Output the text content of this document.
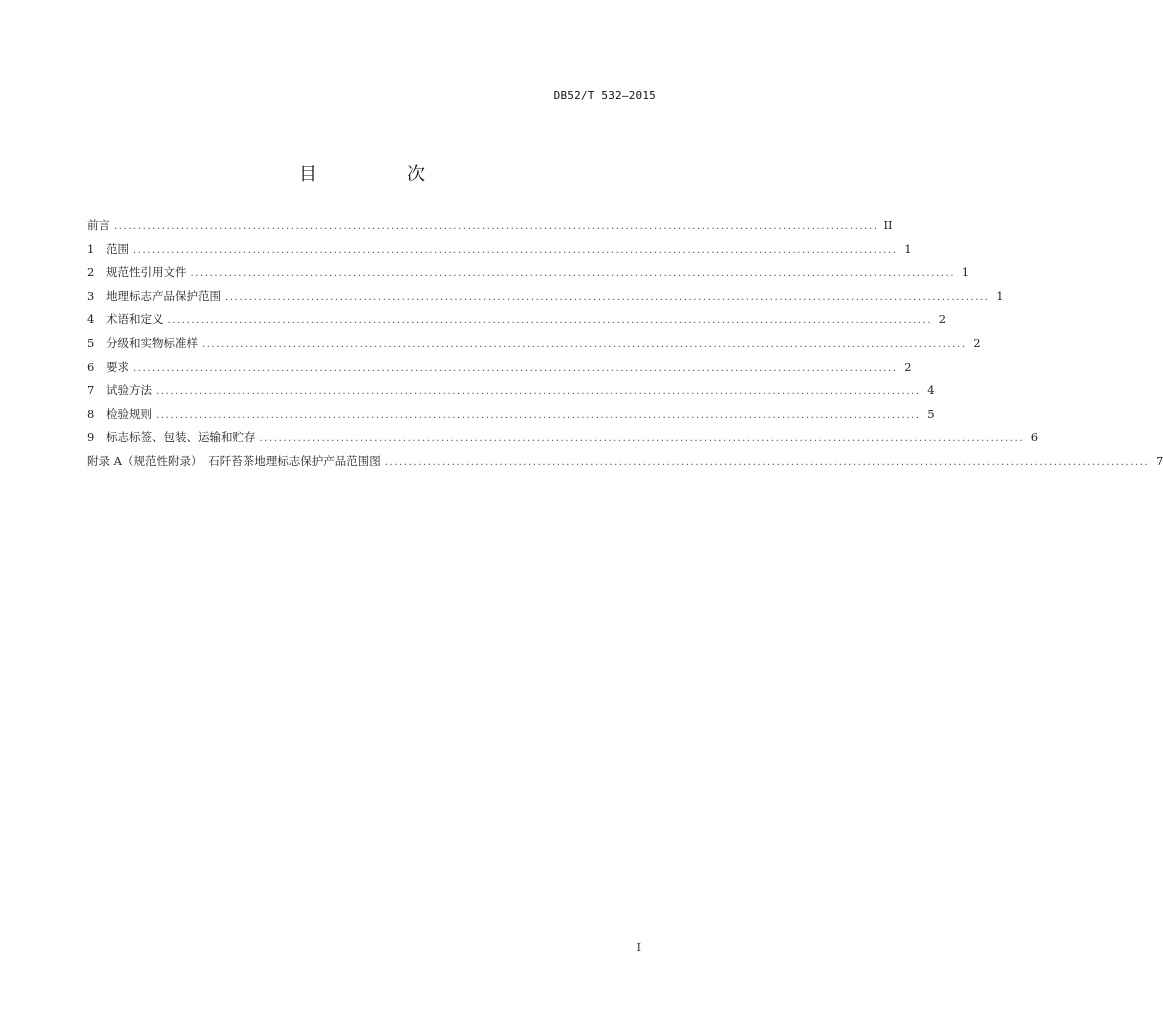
DB52/T 532—2015
目　次
前言 ................................................................................................................................................................ II
1	范围 ................................................................................................................................................................ 1
2	规范性引用文件 ................................................................................................................................................................ 1
3	地理标志产品保护范围 ................................................................................................................................................................ 1
4	术语和定义 ................................................................................................................................................................ 2
5	分级和实物标准样 ................................................................................................................................................................ 2
6	要求 ................................................................................................................................................................ 2
7	试验方法 ................................................................................................................................................................ 4
8	检验规则 ................................................................................................................................................................ 5
9	标志标签、包装、运输和贮存 ................................................................................................................................................................ 6
附录 A（规范性附录）　石阡苔茶地理标志保护产品范围图 ................................................................................................................................................................ 7
I
